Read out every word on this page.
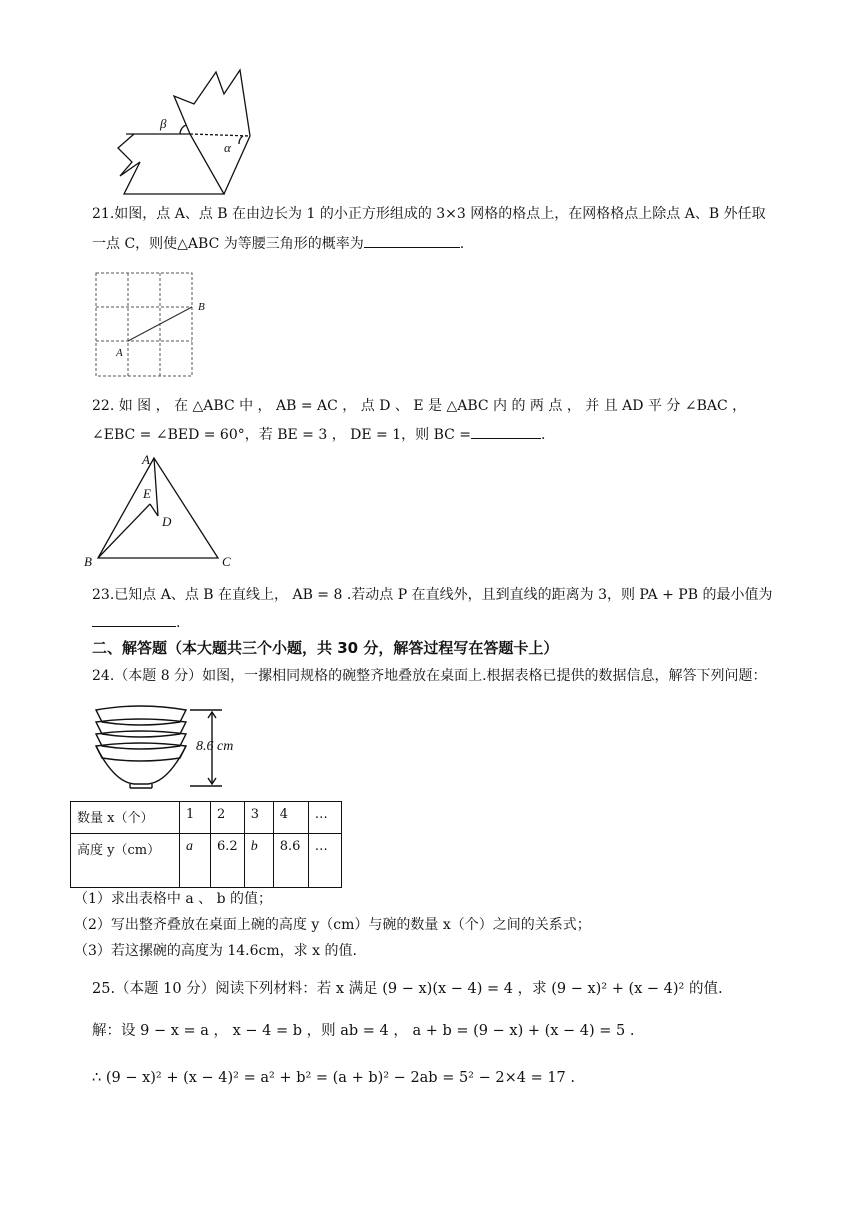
β
α
21.如图，点 A、点 B 在由边长为 1 的小正方形组成的 3×3 网格的格点上，在网格格点上除点 A、B 外任取
一点 C，则使△ABC 为等腰三角形的概率为	.
A
B
22. 如 图 ， 在 △ABC 中 ， AB = AC ， 点 D 、 E 是 △ABC 内 的 两 点 ， 并 且 AD 平 分 ∠BAC ，
∠EBC = ∠BED = 60°，若 BE = 3 ， DE = 1，则 BC =	.
A
E
D
B	C
23.已知点 A、点 B 在直线上， AB = 8 .若动点 P 在直线外，且到直线的距离为 3，则 PA + PB 的最小值为
.
二、解答题（本大题共三个小题，共 30 分，解答过程写在答题卡上）
24.（本题 8 分）如图，一摞相同规格的碗整齐地叠放在桌面上.根据表格已提供的数据信息，解答下列问题：
8.6 cm
数量 x（个）	1	2	3	4	…
高度 y（cm）	a	6.2	b	8.6	…
（1）求出表格中 a 、 b 的值；
（2）写出整齐叠放在桌面上碗的高度 y（cm）与碗的数量 x（个）之间的关系式；
（3）若这摞碗的高度为 14.6cm，求 x 的值.
25.（本题 10 分）阅读下列材料：若 x 满足 (9 − x)(x − 4) = 4 ，求 (9 − x)² + (x − 4)² 的值.
解：设 9 − x = a ， x − 4 = b ，则 ab = 4 ， a + b = (9 − x) + (x − 4) = 5 .
∴ (9 − x)² + (x − 4)² = a² + b² = (a + b)² − 2ab = 5² − 2×4 = 17 .
